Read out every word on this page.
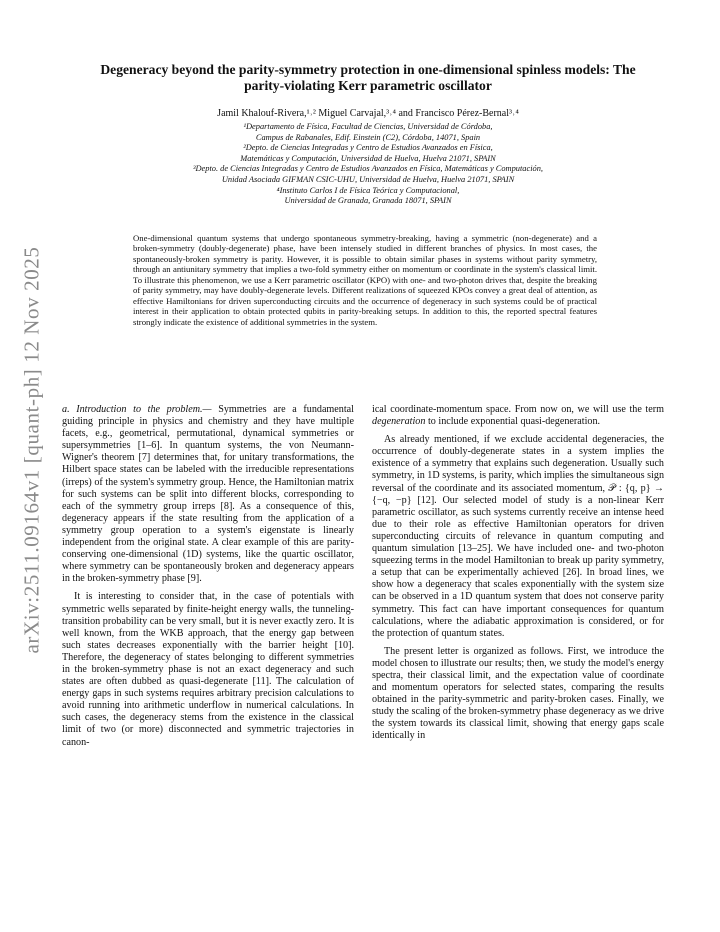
arXiv:2511.09164v1 [quant-ph] 12 Nov 2025
Degeneracy beyond the parity-symmetry protection in one-dimensional spinless models: The parity-violating Kerr parametric oscillator
Jamil Khalouf-Rivera,¹˒² Miguel Carvajal,³˒⁴ and Francisco Pérez-Bernal³˒⁴
¹Departamento de Física, Facultad de Ciencias, Universidad de Córdoba,
Campus de Rabanales, Edif. Einstein (C2), Córdoba, 14071, Spain
²Depto. de Ciencias Integradas y Centro de Estudios Avanzados en Física,
Matemáticas y Computación, Universidad de Huelva, Huelva 21071, SPAIN
³Depto. de Ciencias Integradas y Centro de Estudios Avanzados en Física, Matemáticas y Computación,
Unidad Asociada GIFMAN CSIC-UHU, Universidad de Huelva, Huelva 21071, SPAIN
⁴Instituto Carlos I de Física Teórica y Computacional,
Universidad de Granada, Granada 18071, SPAIN
One-dimensional quantum systems that undergo spontaneous symmetry-breaking, having a symmetric (non-degenerate) and a broken-symmetry (doubly-degenerate) phase, have been intensely studied in different branches of physics. In most cases, the spontaneously-broken symmetry is parity. However, it is possible to obtain similar phases in systems without parity symmetry, through an antiunitary symmetry that implies a two-fold symmetry either on momentum or coordinate in the system's classical limit. To illustrate this phenomenon, we use a Kerr parametric oscillator (KPO) with one- and two-photon drives that, despite the breaking of parity symmetry, may have doubly-degenerate levels. Different realizations of squeezed KPOs convey a great deal of attention, as effective Hamiltonians for driven superconducting circuits and the occurrence of degeneracy in such systems could be of practical interest in their application to obtain protected qubits in parity-breaking setups. In addition to this, the reported spectral features strongly indicate the existence of additional symmetries in the system.

a. Introduction to the problem.— Symmetries are a fundamental guiding principle in physics and chemistry and they have multiple facets, e.g., geometrical, permutational, dynamical symmetries or supersymmetries [1–6]. In quantum systems, the von Neumann-Wigner's theorem [7] determines that, for unitary transformations, the Hilbert space states can be labeled with the irreducible representations (irreps) of the system's symmetry group. Hence, the Hamiltonian matrix for such systems can be split into different blocks, corresponding to each of the symmetry group irreps [8]. As a consequence of this, degeneracy appears if the state resulting from the application of a symmetry group operation to a system's eigenstate is linearly independent from the original state. A clear example of this are parity-conserving one-dimensional (1D) systems, like the quartic oscillator, where symmetry can be spontaneously broken and degeneracy appears in the broken-symmetry phase [9].

It is interesting to consider that, in the case of potentials with symmetric wells separated by finite-height energy walls, the tunneling-transition probability can be very small, but it is never exactly zero. It is well known, from the WKB approach, that the energy gap between such states decreases exponentially with the barrier height [10]. Therefore, the degeneracy of states belonging to different symmetries in the broken-symmetry phase is not an exact degeneracy and such states are often dubbed as quasi-degenerate [11]. The calculation of energy gaps in such systems requires arbitrary precision calculations to avoid running into arithmetic underflow in numerical calculations. In such cases, the degeneracy stems from the existence in the classical limit of two (or more) disconnected and symmetric trajectories in canon-

ical coordinate-momentum space. From now on, we will use the term degeneration to include exponential quasi-degeneration.

As already mentioned, if we exclude accidental degeneracies, the occurrence of doubly-degenerate states in a system implies the existence of a symmetry that explains such degeneration. Usually such symmetry, in 1D systems, is parity, which implies the simultaneous sign reversal of the coordinate and its associated momentum, 𝒫 : {q, p} → {−q, −p} [12]. Our selected model of study is a non-linear Kerr parametric oscillator, as such systems currently receive an intense heed due to their role as effective Hamiltonian operators for driven superconducting circuits of relevance in quantum computing and quantum simulation [13–25]. We have included one- and two-photon squeezing terms in the model Hamiltonian to break up parity symmetry, a setup that can be experimentally achieved [26]. In broad lines, we show how a degeneracy that scales exponentially with the system size can be observed in a 1D quantum system that does not conserve parity symmetry. This fact can have important consequences for quantum calculations, where the adiabatic approximation is considered, or for the protection of quantum states.

The present letter is organized as follows. First, we introduce the model chosen to illustrate our results; then, we study the model's energy spectra, their classical limit, and the expectation value of coordinate and momentum operators for selected states, comparing the results obtained in the parity-symmetric and parity-broken cases. Finally, we study the scaling of the broken-symmetry phase degeneracy as we drive the system towards its classical limit, showing that energy gaps scale identically in
